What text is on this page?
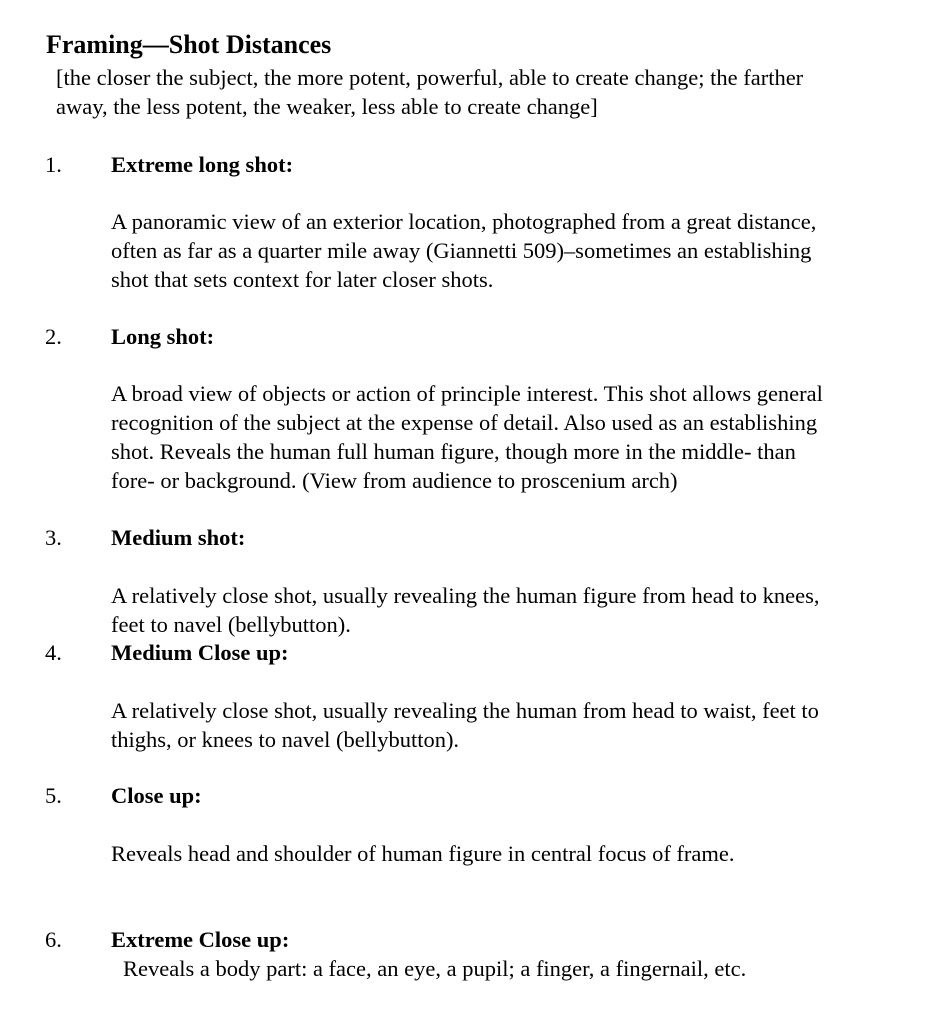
Framing—Shot Distances

[the closer the subject, the more potent, powerful, able to create change; the farther
away, the less potent, the weaker, less able to create change]

1. Extreme long shot:

A panoramic view of an exterior location, photographed from a great distance,
often as far as a quarter mile away (Giannetti 509)–sometimes an establishing
shot that sets context for later closer shots.

2. Long shot:

A broad view of objects or action of principle interest. This shot allows general
recognition of the subject at the expense of detail. Also used as an establishing
shot. Reveals the human full human figure, though more in the middle- than
fore- or background. (View from audience to proscenium arch)

3. Medium shot:

A relatively close shot, usually revealing the human figure from head to knees,
feet to navel (bellybutton).

4. Medium Close up:

A relatively close shot, usually revealing the human from head to waist, feet to
thighs, or knees to navel (bellybutton).

5. Close up:

Reveals head and shoulder of human figure in central focus of frame.

6. Extreme Close up:

Reveals a body part: a face, an eye, a pupil; a finger, a fingernail, etc.
